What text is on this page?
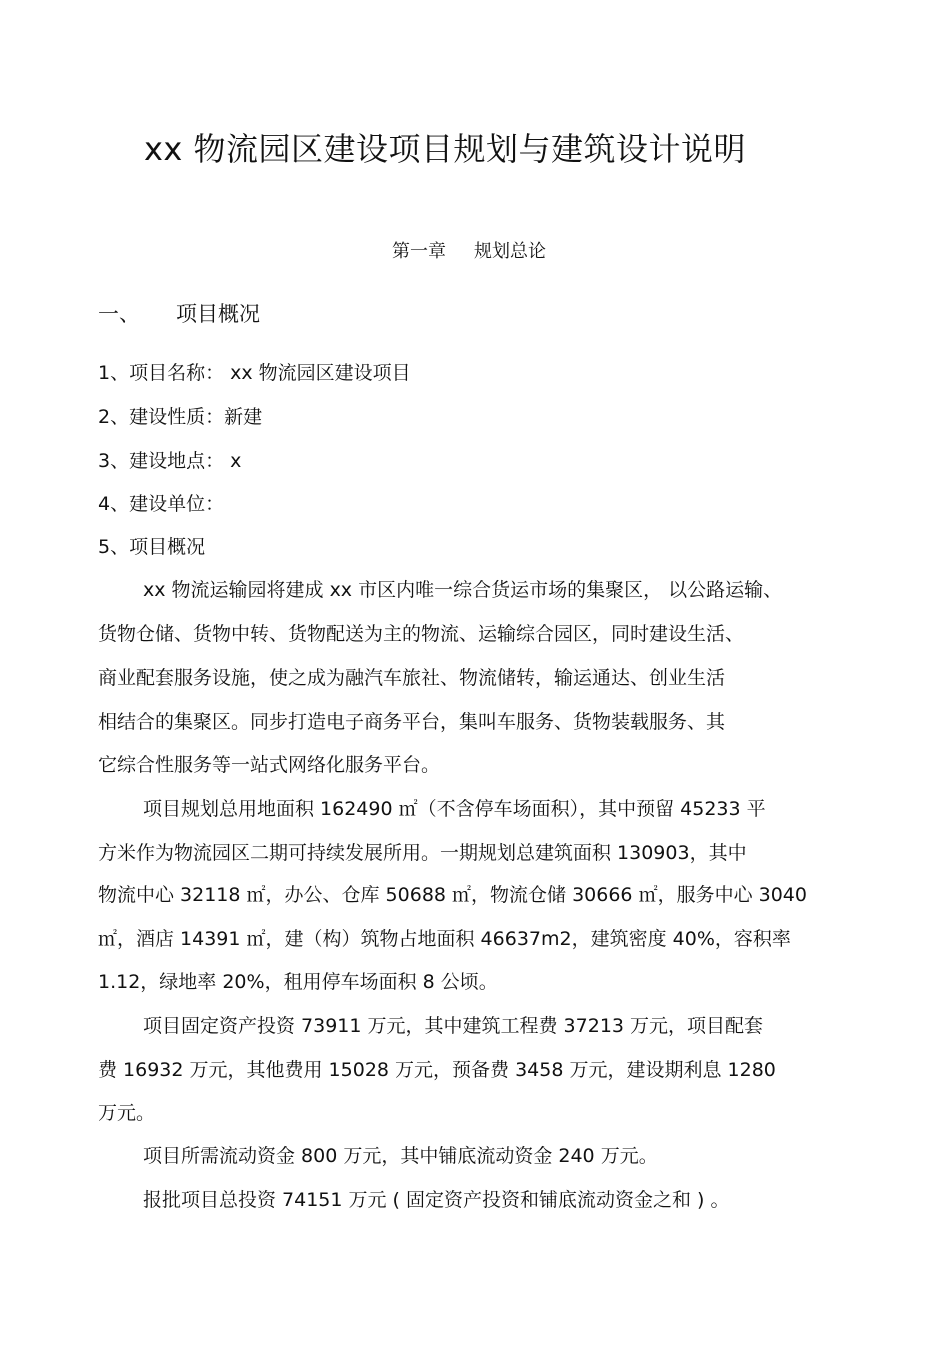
xx 物流园区建设项目规划与建筑设计说明
第一章 规划总论
一、 项目概况
1、项目名称： xx 物流园区建设项目
2、建设性质：新建
3、建设地点： x
4、建设单位：
5、项目概况
xx 物流运输园将建成 xx 市区内唯一综合货运市场的集聚区， 以公路运输、
货物仓储、货物中转、货物配送为主的物流、运输综合园区，同时建设生活、
商业配套服务设施，使之成为融汽车旅社、物流储转，输运通达、创业生活
相结合的集聚区。同步打造电子商务平台，集叫车服务、货物装载服务、其
它综合性服务等一站式网络化服务平台。
项目规划总用地面积 162490 ㎡（不含停车场面积），其中预留 45233 平
方米作为物流园区二期可持续发展所用。一期规划总建筑面积 130903，其中
物流中心 32118 ㎡，办公、仓库 50688 ㎡，物流仓储 30666 ㎡，服务中心 3040
㎡，酒店 14391 ㎡，建（构）筑物占地面积 46637m2，建筑密度 40%，容积率
1.12，绿地率 20%，租用停车场面积 8 公顷。
项目固定资产投资 73911 万元，其中建筑工程费 37213 万元，项目配套
费 16932 万元，其他费用 15028 万元，预备费 3458 万元，建设期利息 1280
万元。
项目所需流动资金 800 万元，其中铺底流动资金 240 万元。
报批项目总投资 74151 万元 ( 固定资产投资和铺底流动资金之和 ) 。
